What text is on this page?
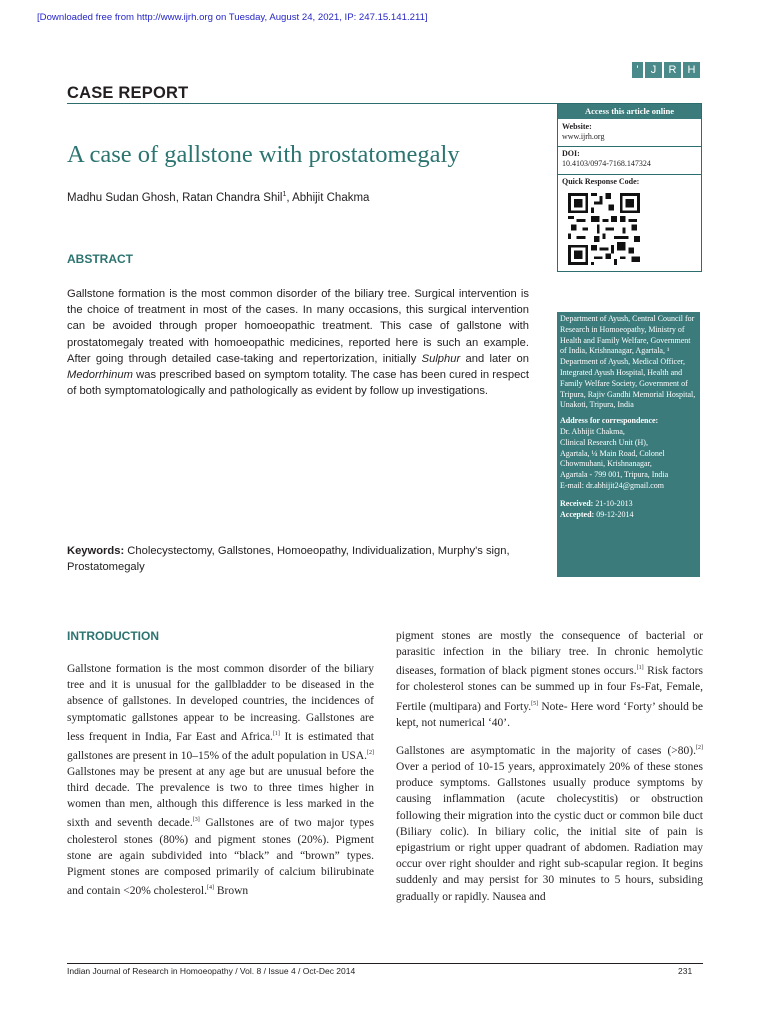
[Downloaded free from http://www.ijrh.org on Tuesday, August 24, 2021, IP: 247.15.141.211]
'	J	R	H
CASE REPORT
A case of gallstone with prostatomegaly
Madhu Sudan Ghosh, Ratan Chandra Shil$^1$, Abhijit Chakma
ABSTRACT
Gallstone formation is the most common disorder of the biliary tree. Surgical intervention is the choice of treatment in most of the cases. In many occasions, this surgical intervention can be avoided through proper homoeopathic treatment. This case of gallstone with prostatomegaly treated with homoeopathic medicines, reported here is such an example. After going through detailed case-taking and repertorization, initially Sulphur and later on Medorrhinum was prescribed based on symptom totality. The case has been cured in respect of both symptomatologically and pathologically as evident by follow up investigations.
Keywords: Cholecystectomy, Gallstones, Homoeopathy, Individualization, Murphy's sign, Prostatomegaly
Access this article online
Website:
www.ijrh.org
DOI:
10.4103/0974-7168.147324
Quick Response Code:
Department of Ayush, Central Council for Research in Homoeopathy, Ministry of Health and Family Welfare, Government of India, Krishnanagar, Agartala, ¹ Department of Ayush, Medical Officer, Integrated Ayush Hospital, Health and Family Welfare Society, Government of Tripura, Rajiv Gandhi Memorial Hospital, Unakoti, Tripura, India
Address for correspondence:
Dr. Abhijit Chakma,
Clinical Research Unit (H),
Agartala, ¼ Main Road, Colonel Chowmuhani, Krishnanagar,
Agartala - 799 001, Tripura, India
E-mail: dr.abhijit24@gmail.com
Received: 21-10-2013
Accepted: 09-12-2014
INTRODUCTION

Gallstone formation is the most common disorder of the biliary tree and it is unusual for the gallbladder to be diseased in the absence of gallstones. In developed countries, the incidences of symptomatic gallstones appear to be increasing. Gallstones are less frequent in India, Far East and Africa.[1] It is estimated that gallstones are present in 10–15% of the adult population in USA.[2] Gallstones may be present at any age but are unusual before the third decade. The prevalence is two to three times higher in women than men, although this difference is less marked in the sixth and seventh decade.[3] Gallstones are of two major types cholesterol stones (80%) and pigment stones (20%). Pigment stone are again subdivided into “black” and “brown” types. Pigment stones are composed primarily of calcium bilirubinate and contain <20% cholesterol.[4] Brown

pigment stones are mostly the consequence of bacterial or parasitic infection in the biliary tree. In chronic hemolytic diseases, formation of black pigment stones occurs.[1] Risk factors for cholesterol stones can be summed up in four Fs-Fat, Female, Fertile (multipara) and Forty.[5] Note- Here word ‘Forty’ should be kept, not numerical ‘40’.

Gallstones are asymptomatic in the majority of cases (>80).[2] Over a period of 10-15 years, approximately 20% of these stones produce symptoms. Gallstones usually produce symptoms by causing inflammation (acute cholecystitis) or obstruction following their migration into the cystic duct or common bile duct (Biliary colic). In biliary colic, the initial site of pain is epigastrium or right upper quadrant of abdomen. Radiation may occur over right shoulder and right sub-scapular region. It begins suddenly and may persist for 30 minutes to 5 hours, subsiding gradually or rapidly. Nausea and

Indian Journal of Research in Homoeopathy / Vol. 8 / Issue 4 / Oct-Dec 2014	231
